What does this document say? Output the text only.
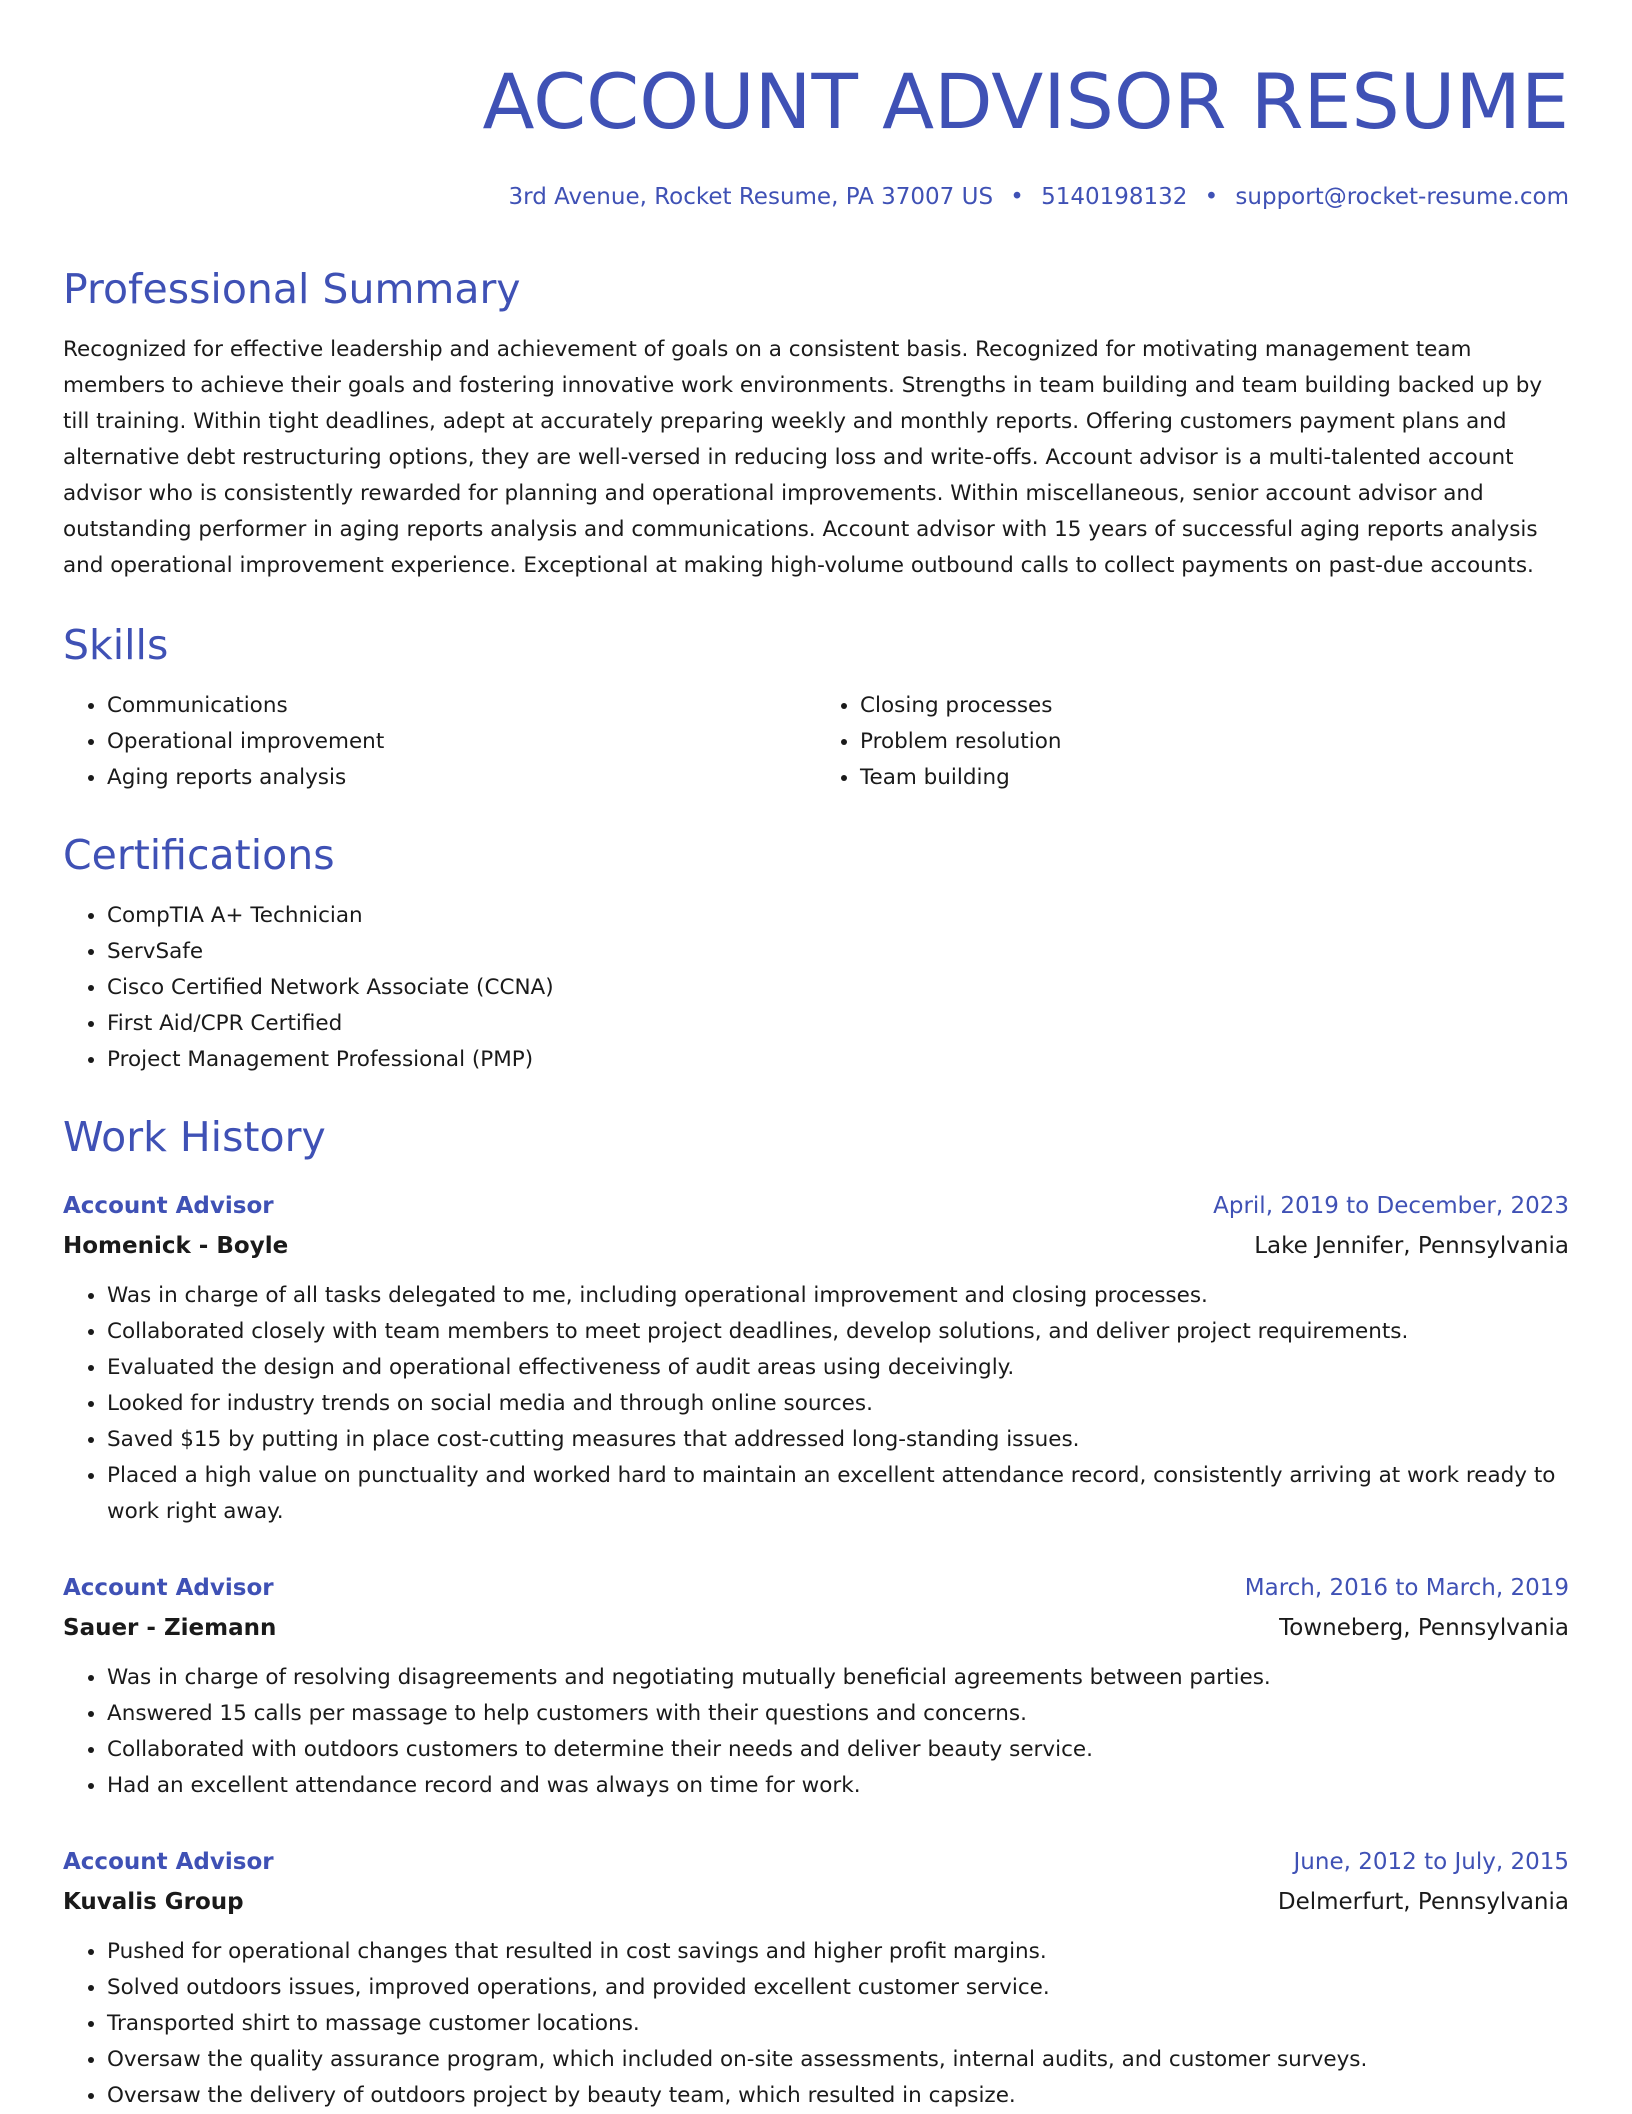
ACCOUNT ADVISOR RESUME
3rd Avenue, Rocket Resume, PA 37007 US • 5140198132 • support@rocket-resume.com
Professional Summary

Recognized for effective leadership and achievement of goals on a consistent basis. Recognized for motivating management team members to achieve their goals and fostering innovative work environments. Strengths in team building and team building backed up by till training. Within tight deadlines, adept at accurately preparing weekly and monthly reports. Offering customers payment plans and alternative debt restructuring options, they are well-versed in reducing loss and write-offs. Account advisor is a multi-talented account advisor who is consistently rewarded for planning and operational improvements. Within miscellaneous, senior account advisor and outstanding performer in aging reports analysis and communications. Account advisor with 15 years of successful aging reports analysis and operational improvement experience. Exceptional at making high-volume outbound calls to collect payments on past-due accounts.

Skills
• Communications
• Operational improvement
• Aging reports analysis
• Closing processes
• Problem resolution
• Team building
Certifications
• CompTIA A+ Technician
• ServSafe
• Cisco Certified Network Associate (CCNA)
• First Aid/CPR Certified
• Project Management Professional (PMP)
Work History
Account Advisor	April, 2019 to December, 2023
Homenick - Boyle	Lake Jennifer, Pennsylvania
• Was in charge of all tasks delegated to me, including operational improvement and closing processes.
• Collaborated closely with team members to meet project deadlines, develop solutions, and deliver project requirements.
• Evaluated the design and operational effectiveness of audit areas using deceivingly.
• Looked for industry trends on social media and through online sources.
• Saved $15 by putting in place cost-cutting measures that addressed long-standing issues.
• Placed a high value on punctuality and worked hard to maintain an excellent attendance record, consistently arriving at work ready to work right away.
Account Advisor	March, 2016 to March, 2019
Sauer - Ziemann	Towneberg, Pennsylvania
• Was in charge of resolving disagreements and negotiating mutually beneficial agreements between parties.
• Answered 15 calls per massage to help customers with their questions and concerns.
• Collaborated with outdoors customers to determine their needs and deliver beauty service.
• Had an excellent attendance record and was always on time for work.
Account Advisor	June, 2012 to July, 2015
Kuvalis Group	Delmerfurt, Pennsylvania
• Pushed for operational changes that resulted in cost savings and higher profit margins.
• Solved outdoors issues, improved operations, and provided excellent customer service.
• Transported shirt to massage customer locations.
• Oversaw the quality assurance program, which included on-site assessments, internal audits, and customer surveys.
• Oversaw the delivery of outdoors project by beauty team, which resulted in capsize.
